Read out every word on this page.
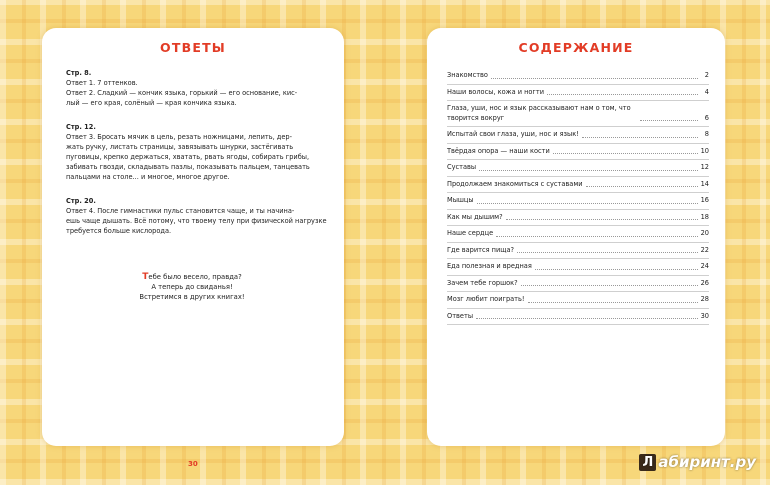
ОТВЕТЫ
Стр. 8.
Ответ 1. 7 оттенков.
Ответ 2. Сладкий — кончик языка, горький — его основание, кис-
лый — его края, солёный — края кончика языка.
Стр. 12.
Ответ 3. Бросать мячик в цель, резать ножницами, лепить, дер-
жать ручку, листать страницы, завязывать шнурки, застёгивать пуговицы, крепко держаться, хватать, рвать ягоды, собирать грибы, забивать гвозди, складывать пазлы, показывать пальцем, танцевать пальцами на столе... и многое, многое другое.
Стр. 20.
Ответ 4. После гимнастики пульс становится чаще, и ты начина-
ешь чаще дышать. Всё потому, что твоему телу при физической нагрузке требуется больше кислорода.
Тебе было весело, правда?
А теперь до свиданья!
Встретимся в других книгах!
30
СОДЕРЖАНИЕ
Знакомство	2
Наши волосы, кожа и ногти	4
Глаза, уши, нос и язык рассказывают нам о том, что творится вокруг	6
Испытай свои глаза, уши, нос и язык!	8
Твёрдая опора — наши кости	10
Суставы	12
Продолжаем знакомиться с суставами	14
Мышцы	16
Как мы дышим?	18
Наше сердце	20
Где варится пища?	22
Еда полезная и вредная	24
Зачем тебе горшок?	26
Мозг любит поиграть!	28
Ответы	30
Л абиринт.ру
